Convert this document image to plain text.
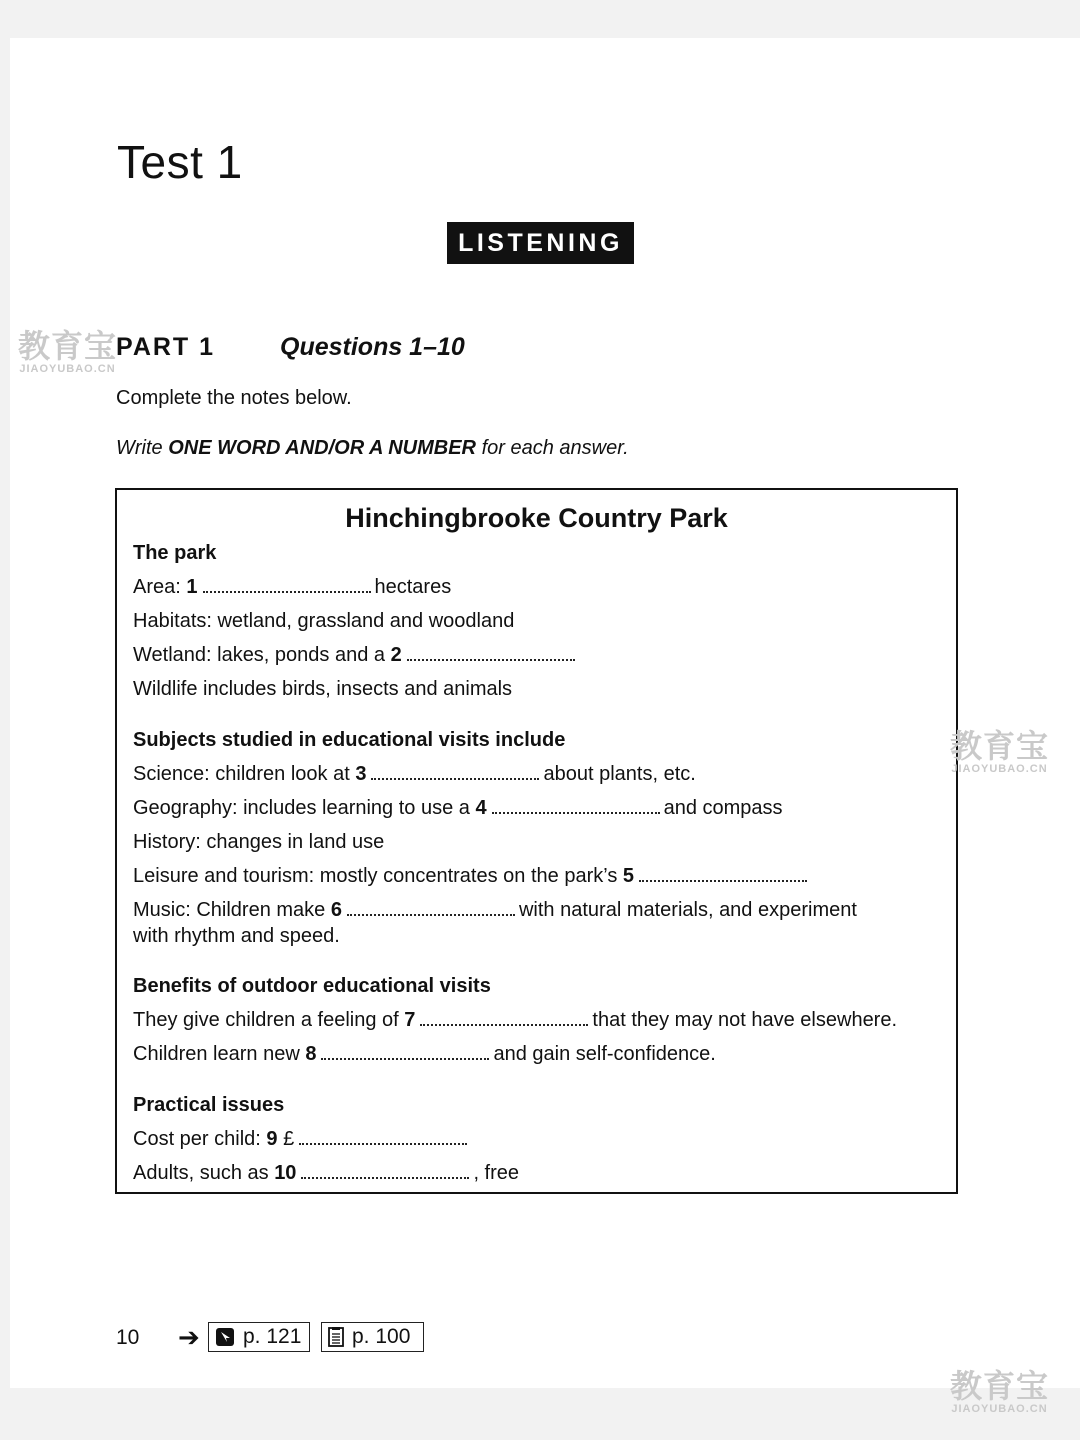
Test 1
LISTENING
PART 1	Questions 1–10
Complete the notes below.
Write ONE WORD AND/OR A NUMBER for each answer.
Hinchingbrooke Country Park
The park
Area: 1	hectares
Habitats: wetland, grassland and woodland
Wetland: lakes, ponds and a 2
Wildlife includes birds, insects and animals
Subjects studied in educational visits include
Science: children look at 3	about plants, etc.
Geography: includes learning to use a 4	and compass
History: changes in land use
Leisure and tourism: mostly concentrates on the park’s 5
Music: Children make 6	with natural materials, and experiment
with rhythm and speed.
Benefits of outdoor educational visits
They give children a feeling of 7	that they may not have elsewhere.
Children learn new 8	and gain self-confidence.
Practical issues
Cost per child: 9 £
Adults, such as 10	, free
10 ➔ p. 121 p. 100
教育宝
JIAOYUBAO.CN
教育宝
JIAOYUBAO.CN
教育宝
JIAOYUBAO.CN
